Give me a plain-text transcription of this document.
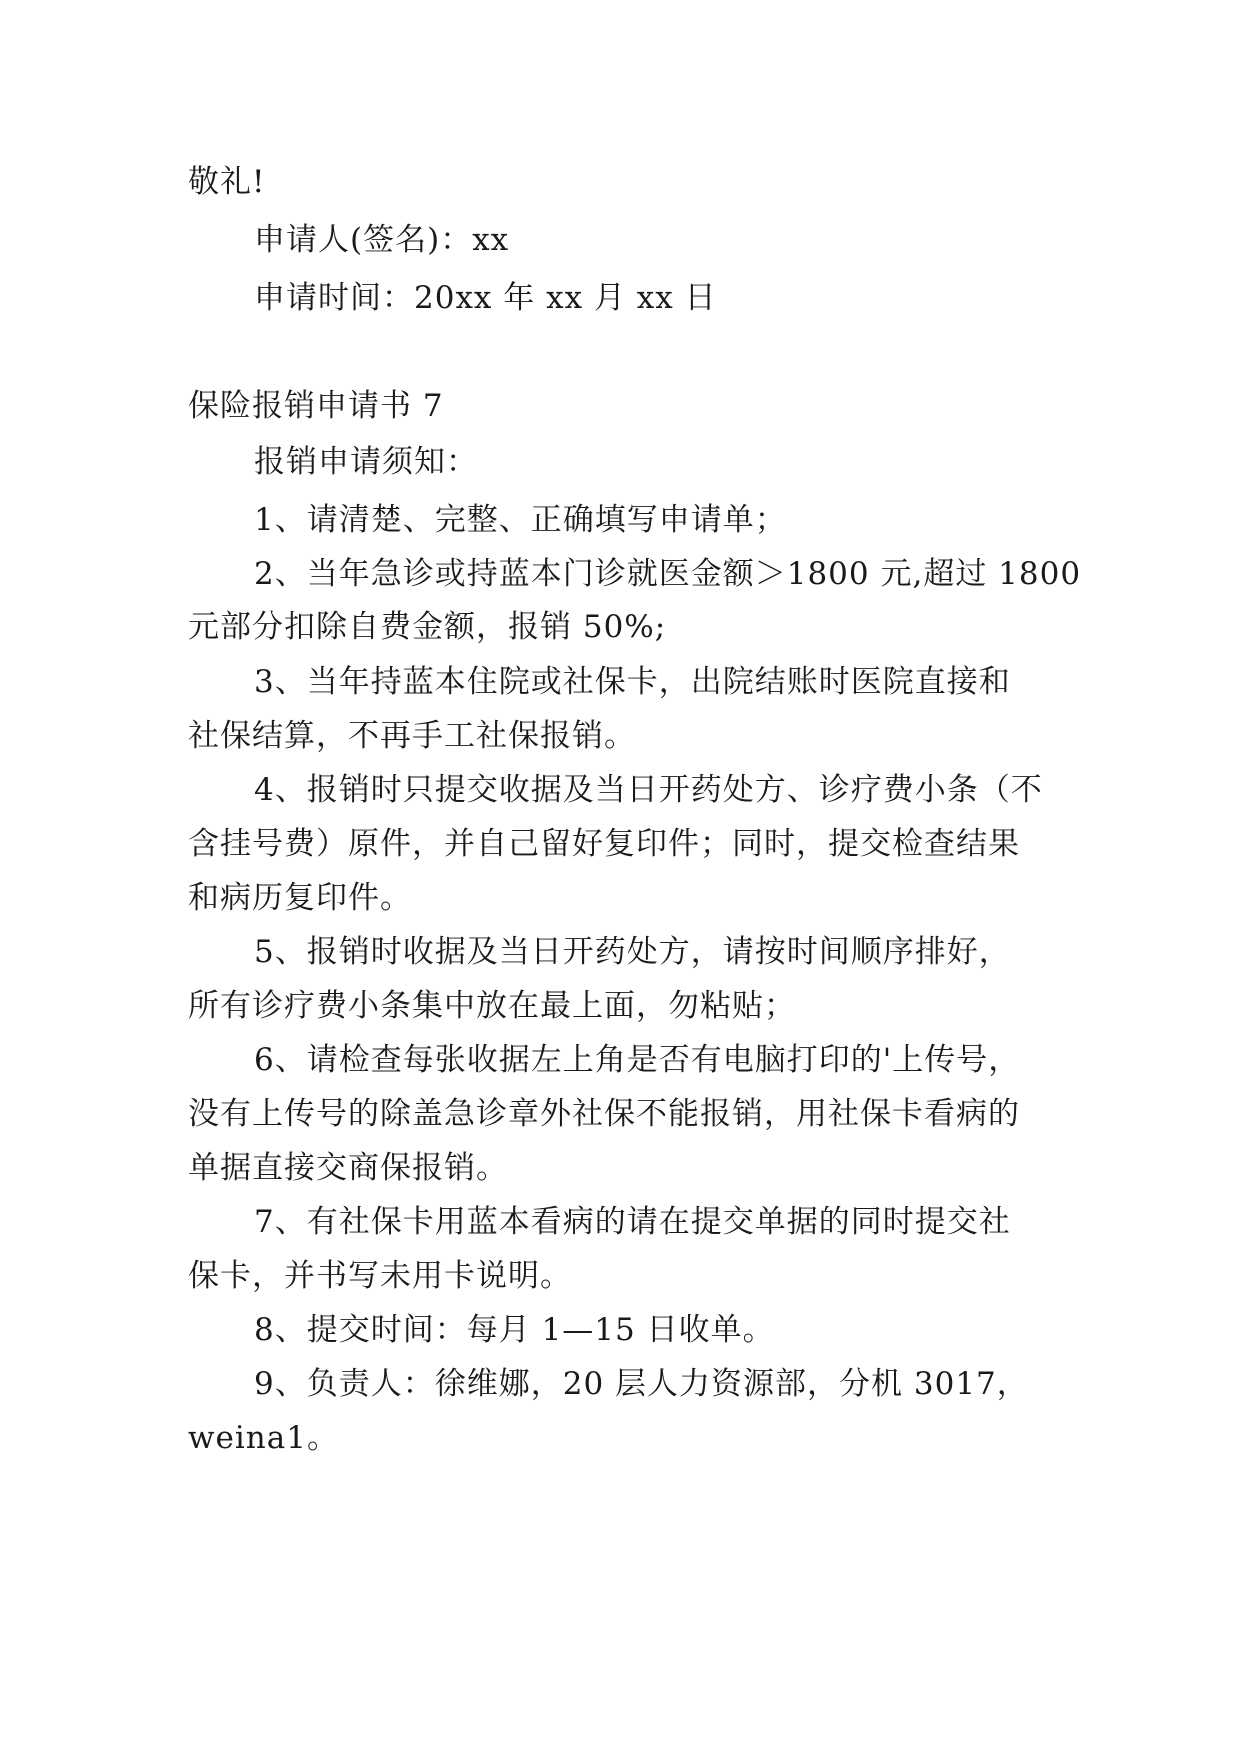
敬礼!
申请人(签名)：xx
申请时间：20xx 年 xx 月 xx 日
保险报销申请书 7
报销申请须知：
1、请清楚、完整、正确填写申请单；
2、当年急诊或持蓝本门诊就医金额＞1800 元,超过 1800
元部分扣除自费金额，报销 50%;
3、当年持蓝本住院或社保卡，出院结账时医院直接和
社保结算，不再手工社保报销。
4、报销时只提交收据及当日开药处方、诊疗费小条（不
含挂号费）原件，并自己留好复印件；同时，提交检查结果
和病历复印件。
5、报销时收据及当日开药处方，请按时间顺序排好，
所有诊疗费小条集中放在最上面，勿粘贴；
6、请检查每张收据左上角是否有电脑打印的'上传号，
没有上传号的除盖急诊章外社保不能报销，用社保卡看病的
单据直接交商保报销。
7、有社保卡用蓝本看病的请在提交单据的同时提交社
保卡，并书写未用卡说明。
8、提交时间：每月 1—15 日收单。
9、负责人：徐维娜，20 层人力资源部，分机 3017，
weina1。
